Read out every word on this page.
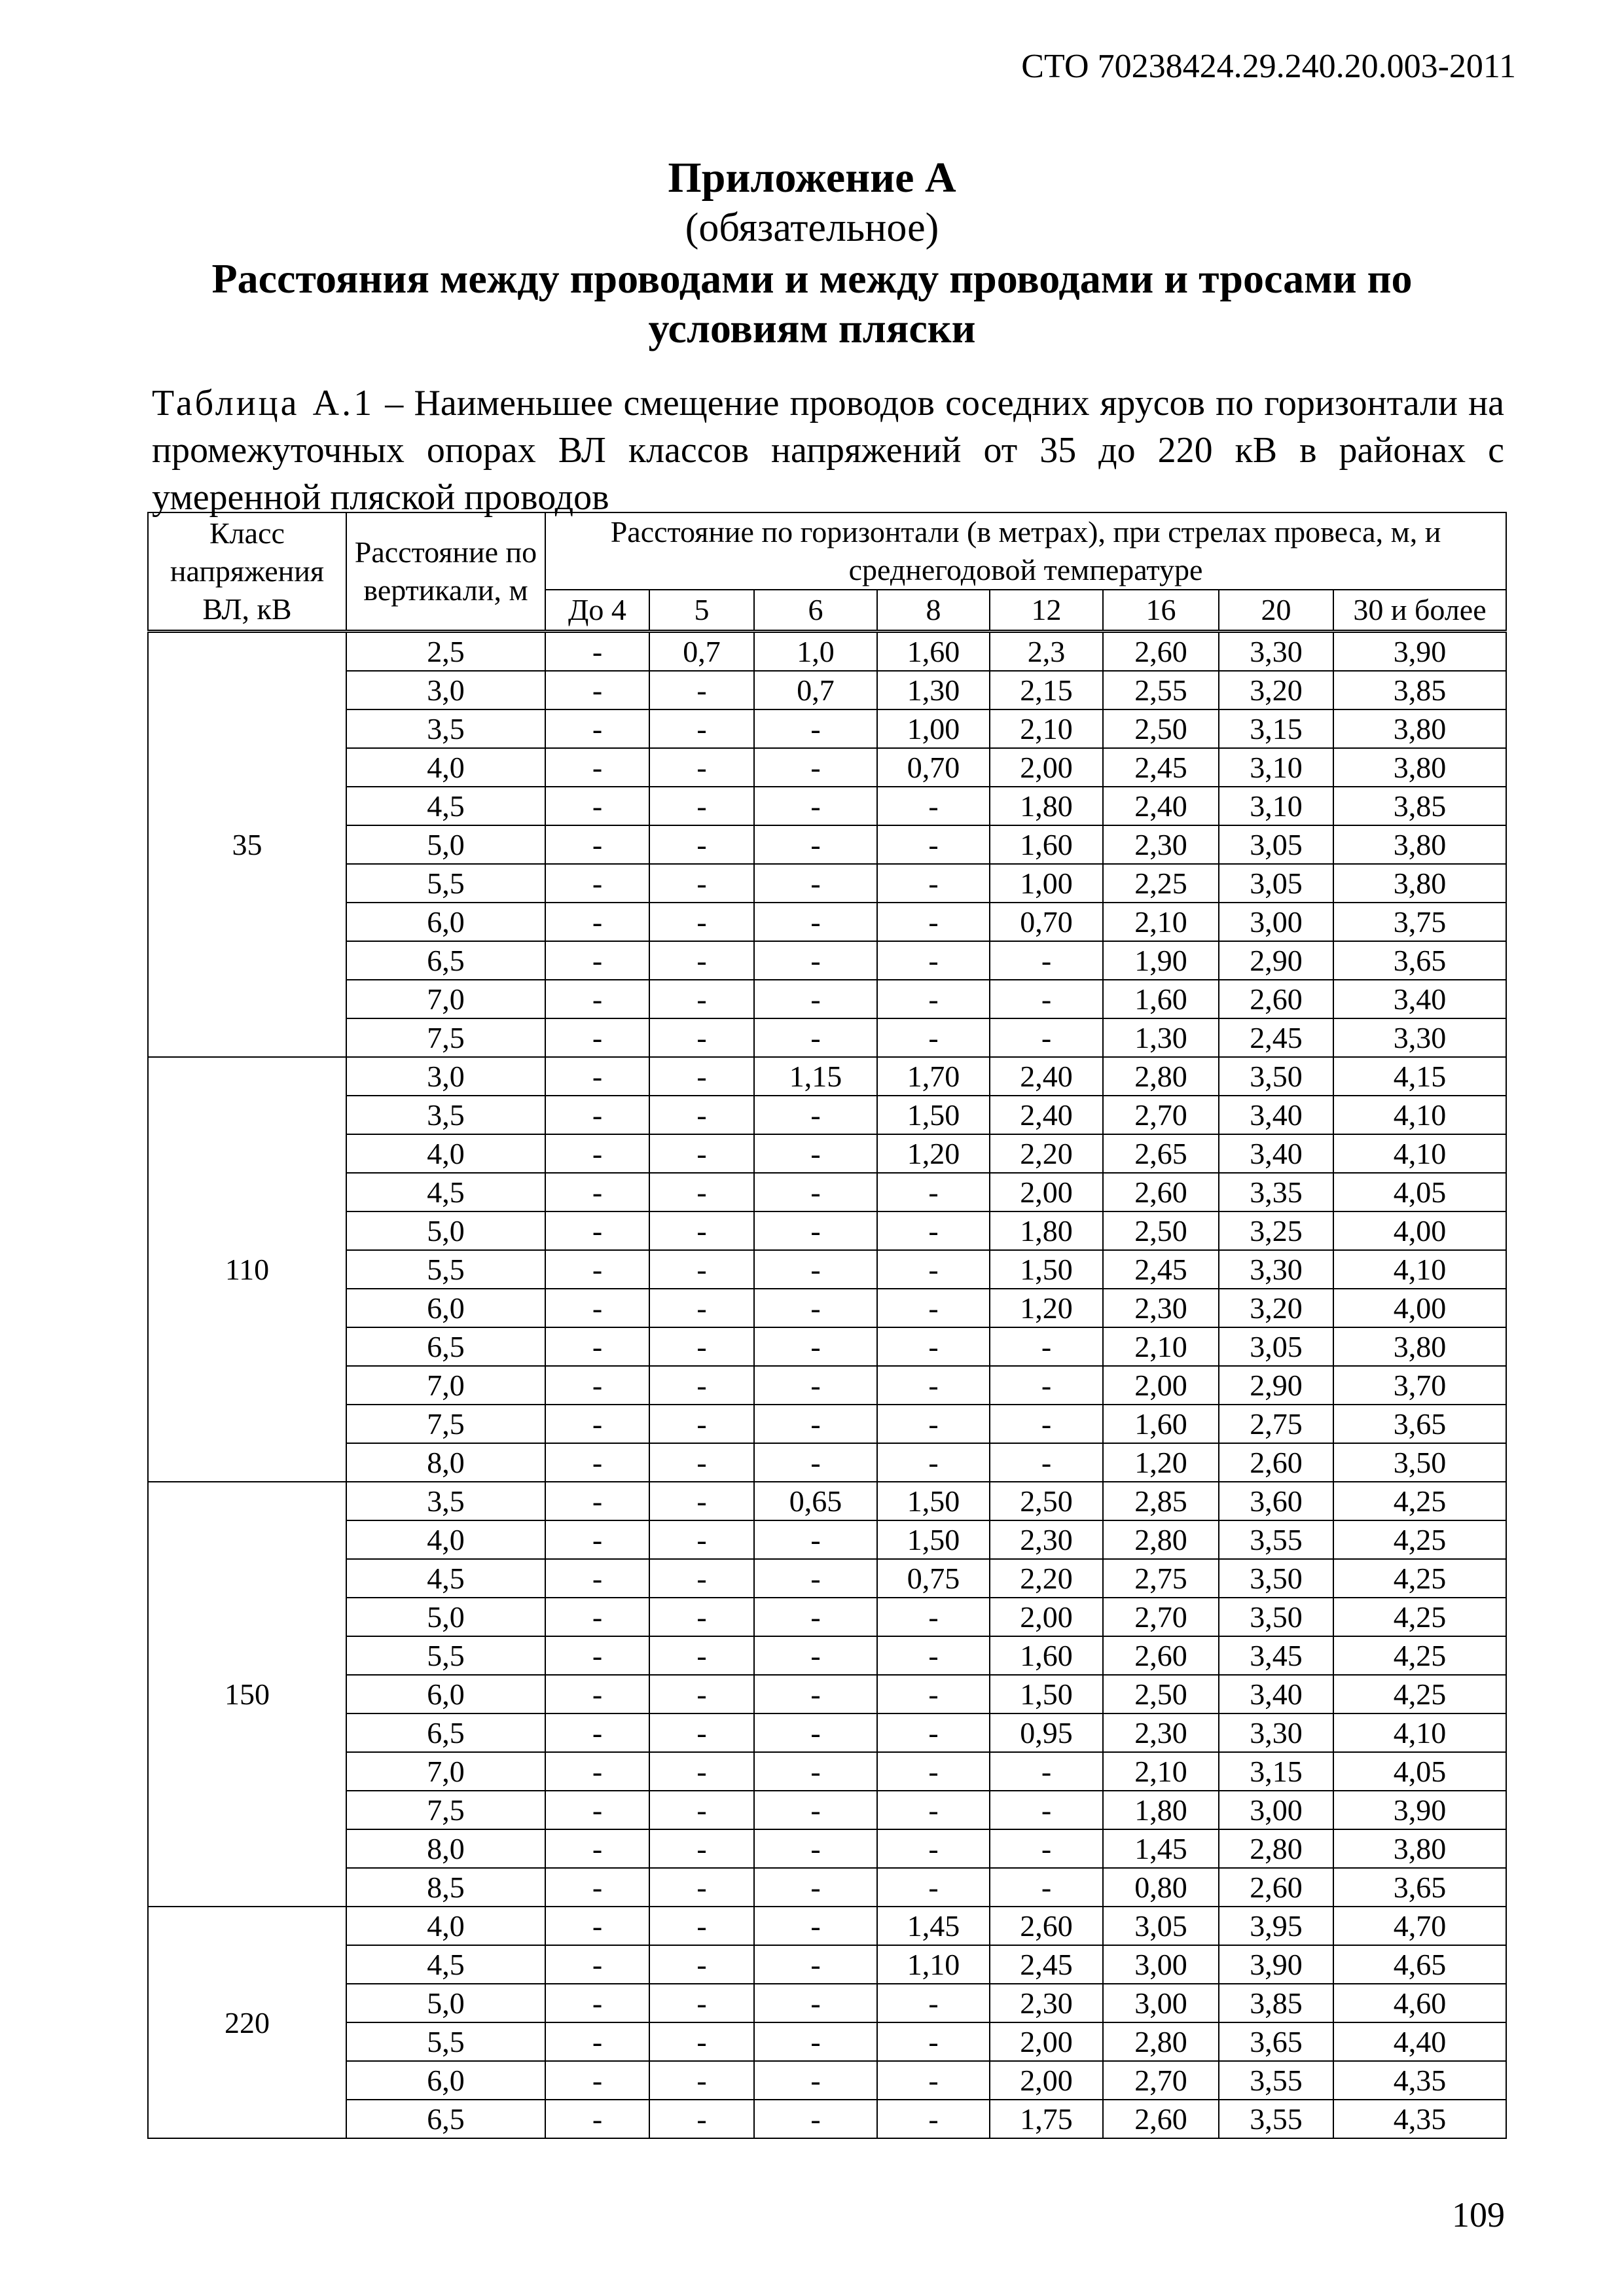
СТО 70238424.29.240.20.003-2011
Приложение А
(обязательное)
Расстояния между проводами и между проводами и тросами по условиям пляски
Таблица А.1 – Наименьшее смещение проводов соседних ярусов по горизонтали на промежуточных опорах ВЛ классов напряжений от 35 до 220 кВ в районах с умеренной пляской проводов
Класс напряжения ВЛ, кВ	Расстояние по вертикали, м	Расстояние по горизонтали (в метрах), при стрелах провеса, м, и среднегодовой температуре							
		До 4	5	6	8	12	16	20	30 и более
35	2,5	-	0,7	1,0	1,60	2,3	2,60	3,30	3,90
	3,0	-	-	0,7	1,30	2,15	2,55	3,20	3,85
	3,5	-	-	-	1,00	2,10	2,50	3,15	3,80
	4,0	-	-	-	0,70	2,00	2,45	3,10	3,80
	4,5	-	-	-	-	1,80	2,40	3,10	3,85
	5,0	-	-	-	-	1,60	2,30	3,05	3,80
	5,5	-	-	-	-	1,00	2,25	3,05	3,80
	6,0	-	-	-	-	0,70	2,10	3,00	3,75
	6,5	-	-	-	-	-	1,90	2,90	3,65
	7,0	-	-	-	-	-	1,60	2,60	3,40
	7,5	-	-	-	-	-	1,30	2,45	3,30
110	3,0	-	-	1,15	1,70	2,40	2,80	3,50	4,15
	3,5	-	-	-	1,50	2,40	2,70	3,40	4,10
	4,0	-	-	-	1,20	2,20	2,65	3,40	4,10
	4,5	-	-	-	-	2,00	2,60	3,35	4,05
	5,0	-	-	-	-	1,80	2,50	3,25	4,00
	5,5	-	-	-	-	1,50	2,45	3,30	4,10
	6,0	-	-	-	-	1,20	2,30	3,20	4,00
	6,5	-	-	-	-	-	2,10	3,05	3,80
	7,0	-	-	-	-	-	2,00	2,90	3,70
	7,5	-	-	-	-	-	1,60	2,75	3,65
	8,0	-	-	-	-	-	1,20	2,60	3,50
150	3,5	-	-	0,65	1,50	2,50	2,85	3,60	4,25
	4,0	-	-	-	1,50	2,30	2,80	3,55	4,25
	4,5	-	-	-	0,75	2,20	2,75	3,50	4,25
	5,0	-	-	-	-	2,00	2,70	3,50	4,25
	5,5	-	-	-	-	1,60	2,60	3,45	4,25
	6,0	-	-	-	-	1,50	2,50	3,40	4,25
	6,5	-	-	-	-	0,95	2,30	3,30	4,10
	7,0	-	-	-	-	-	2,10	3,15	4,05
	7,5	-	-	-	-	-	1,80	3,00	3,90
	8,0	-	-	-	-	-	1,45	2,80	3,80
	8,5	-	-	-	-	-	0,80	2,60	3,65
220	4,0	-	-	-	1,45	2,60	3,05	3,95	4,70
	4,5	-	-	-	1,10	2,45	3,00	3,90	4,65
	5,0	-	-	-	-	2,30	3,00	3,85	4,60
	5,5	-	-	-	-	2,00	2,80	3,65	4,40
	6,0	-	-	-	-	2,00	2,70	3,55	4,35
	6,5	-	-	-	-	1,75	2,60	3,55	4,35
109
